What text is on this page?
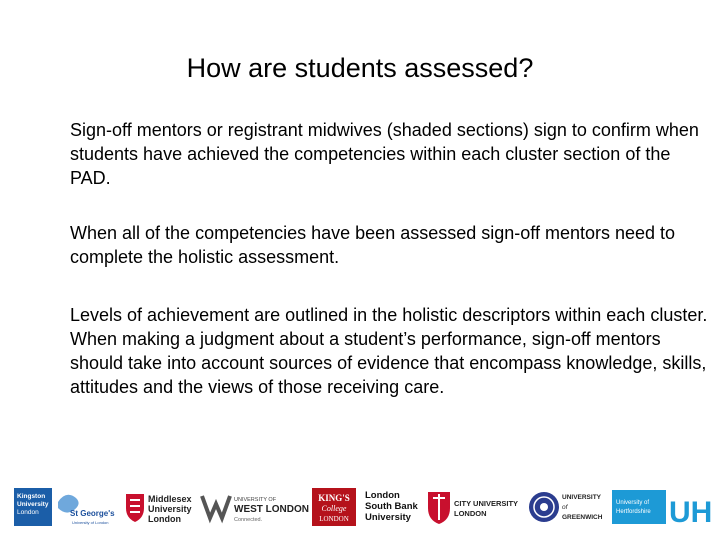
How are students assessed?

Sign-off mentors or registrant midwives (shaded sections) sign to confirm when students have achieved the competencies within each cluster section of the PAD.

When all of the competencies have been assessed sign-off mentors need to complete the holistic assessment.

Levels of achievement are outlined in the holistic descriptors within each cluster. When making a judgment about a student’s performance, sign-off mentors should take into account sources of evidence that encompass knowledge, skills, attitudes and the views of those receiving care.

Kingston
University
London	St George's
University of London
Middlesex
University
London
UNIVERSITY OF
WEST LONDON
Connected.
KING'S
College
LONDON
London
South Bank
University
CITY UNIVERSITY
LONDON
UNIVERSITY
of
GREENWICH
University of
Hertfordshire UH
